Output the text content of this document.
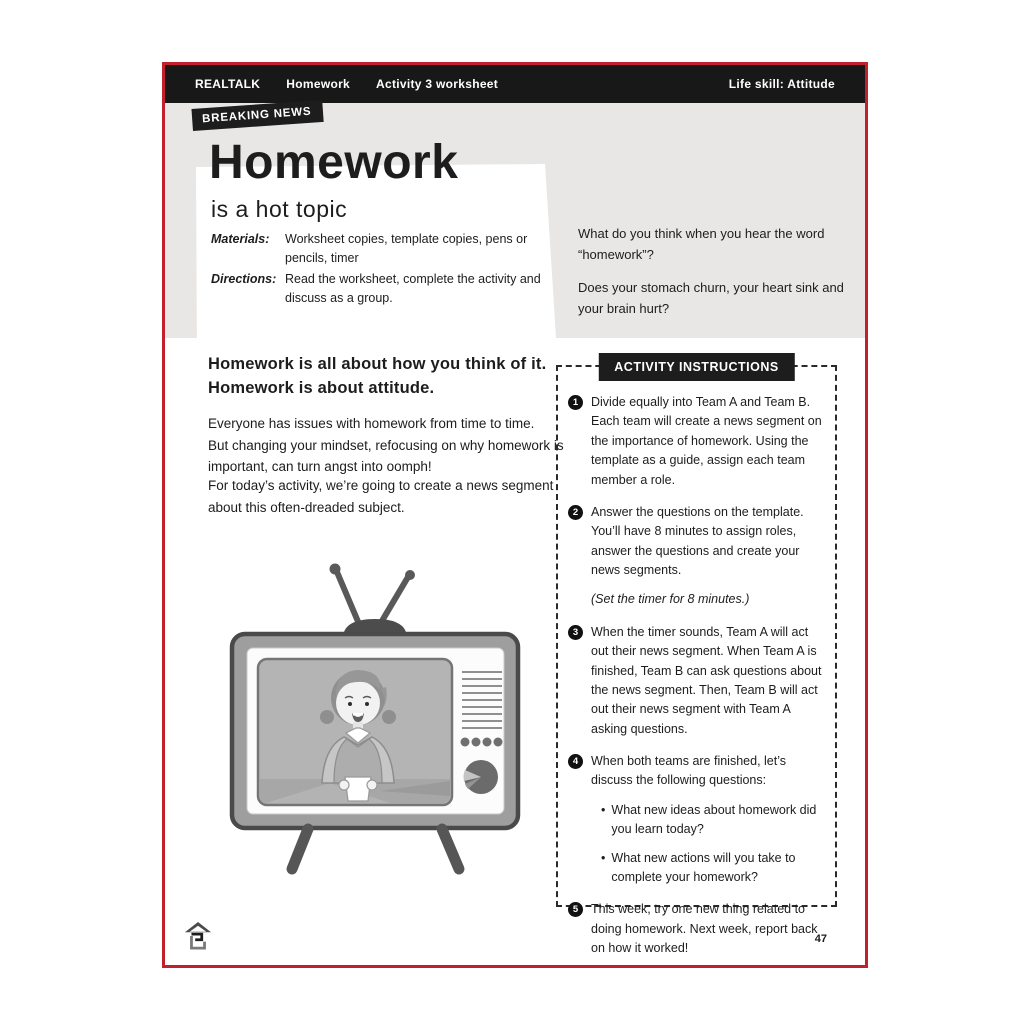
REALTALK Homework Activity 3 worksheet	Life skill: Attitude

What do you think when you hear the word “homework”?

Does your stomach churn, your heart sink and your brain hurt?

BREAKING NEWS
Homework
is a hot topic
Materials:	Worksheet copies, template copies, pens or pencils, timer
Directions: Read the worksheet, complete the activity and discuss as a group.
Homework is all about how you think of it.
Homework is about attitude.
Everyone has issues with homework from time to time.
But changing your mindset, refocusing on why homework is important, can turn angst into oomph!
For today’s activity, we’re going to create a news segment about this often-dreaded subject.
ACTIVITY INSTRUCTIONS
1	Divide equally into Team A and Team B. Each team will create a news segment on the importance of homework. Using the template as a guide, assign each team member a role.
2	Answer the questions on the template. You’ll have 8 minutes to assign roles, answer the questions and create your news segments.
(Set the timer for 8 minutes.)
3	When the timer sounds, Team A will act out their news segment. When Team A is finished, Team B can ask questions about the news segment. Then, Team B will act out their news segment with Team A asking questions.
4	When both teams are finished, let’s discuss the following questions:
• What new ideas about homework did you learn today?
• What new actions will you take to complete your homework?
5	This week, try one new thing related to doing homework. Next week, report back on how it worked!
47
